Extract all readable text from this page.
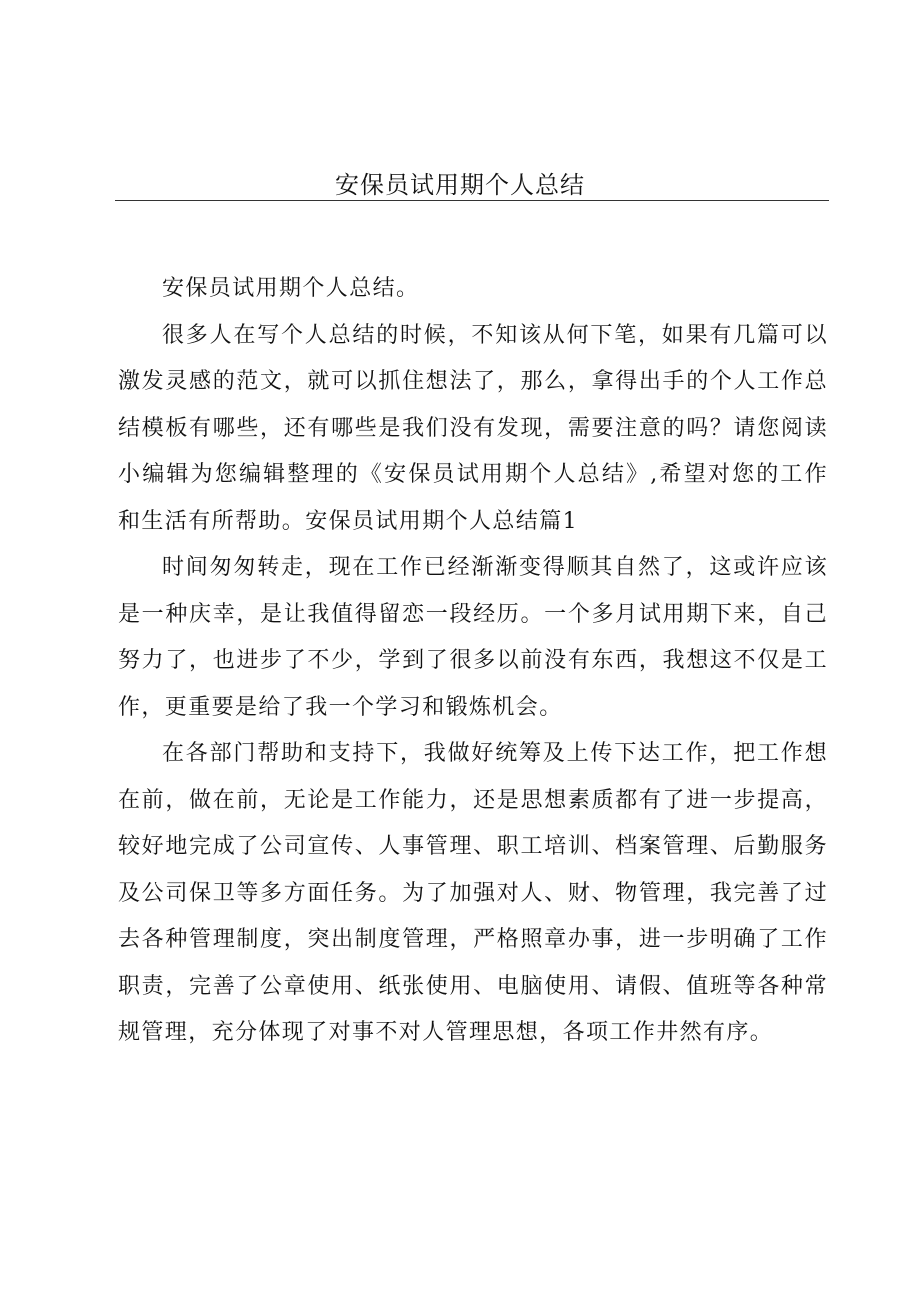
安保员试用期个人总结

安保员试用期个人总结。

很多人在写个人总结的时候，不知该从何下笔，如果有几篇可以激发灵感的范文，就可以抓住想法了，那么，拿得出手的个人工作总结模板有哪些，还有哪些是我们没有发现，需要注意的吗？请您阅读小编辑为您编辑整理的《安保员试用期个人总结》,希望对您的工作和生活有所帮助。安保员试用期个人总结篇1

时间匆匆转走，现在工作已经渐渐变得顺其自然了，这或许应该是一种庆幸，是让我值得留恋一段经历。一个多月试用期下来，自己努力了，也进步了不少，学到了很多以前没有东西，我想这不仅是工作，更重要是给了我一个学习和锻炼机会。

在各部门帮助和支持下，我做好统筹及上传下达工作，把工作想在前，做在前，无论是工作能力，还是思想素质都有了进一步提高，较好地完成了公司宣传、人事管理、职工培训、档案管理、后勤服务及公司保卫等多方面任务。为了加强对人、财、物管理，我完善了过去各种管理制度，突出制度管理，严格照章办事，进一步明确了工作职责，完善了公章使用、纸张使用、电脑使用、请假、值班等各种常规管理，充分体现了对事不对人管理思想，各项工作井然有序。
